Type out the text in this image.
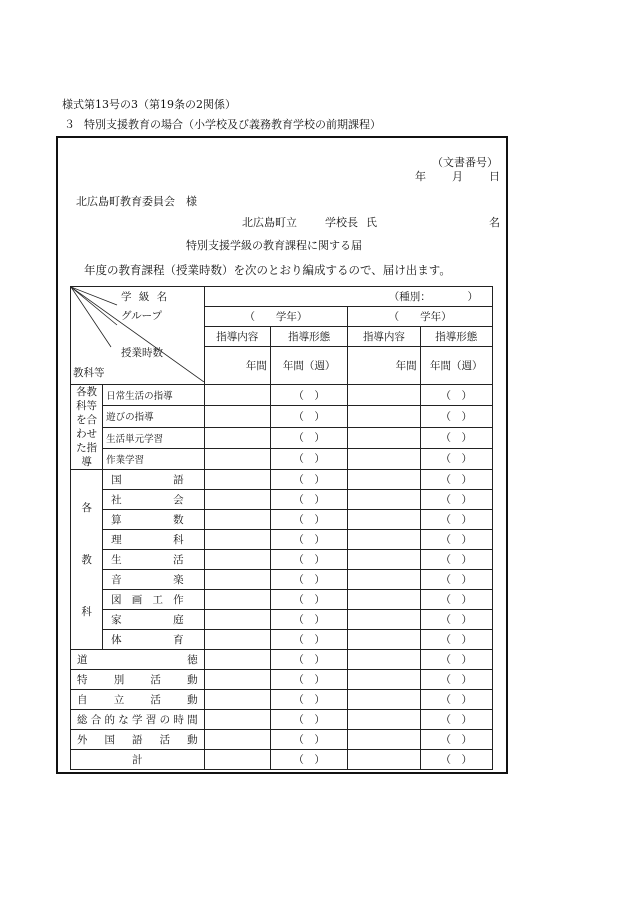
様式第13号の3（第19条の2関係）
３ 特別支援教育の場合（小学校及び義務教育学校の前期課程）
（文書番号）
年 月 日
北広島町教育委員会　様
北広島町立	学校長 氏	名
特別支援学級の教育課程に関する届
年度の教育課程（授業時数）を次のとおり編成するので、届け出ます。
学 級 名
グループ
授業時数
教科等		（種別：　　　　）			
		（　　学年）		（　　学年）	
		指導内容	指導形態	指導内容	指導形態
		年間	年間（週）	年間	年間（週）
各教科等を合わせた指導	日常生活の指導		（　）		（　）
	遊びの指導		（　）		（　）
	生活単元学習		（　）		（　）
	作業学習		（　）		（　）

各
教
科	国語		（　）		（　）
	社会		（　）		（　）
	算数		（　）		（　）
	理科		（　）		（　）
	生活		（　）		（　）
	音楽		（　）		（　）
	図画工作		（　）		（　）
	家庭		（　）		（　）
	体育		（　）		（　）
道徳			（　）		（　）
特別活動			（　）		（　）
自立活動			（　）		（　）
総合的な学習の時間			（　）		（　）
外国語活動			（　）		（　）
計			（　）		（　）
